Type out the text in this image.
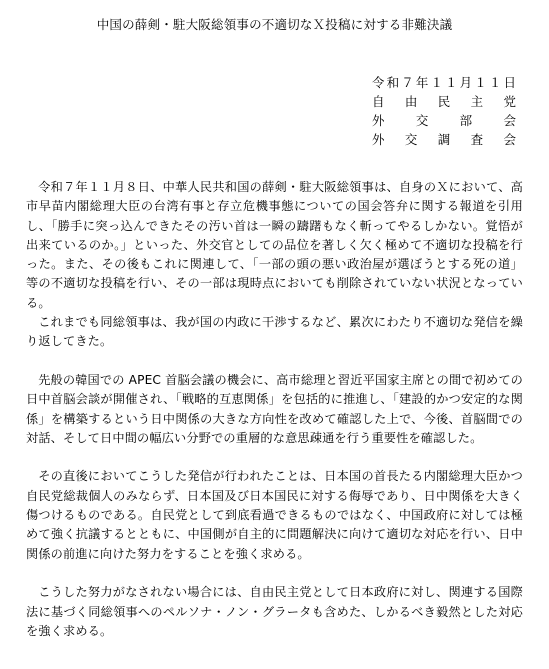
中国の薛剣・駐大阪総領事の不適切なＸ投稿に対する非難決議
令 和 ７ 年 １ １ 月 １ １ 日
自 由 民 主 党
外	交	部	会
外 交 調 査 会

令和７年１１月８日、中華人民共和国の薛剣・駐大阪総領事は、自身のＸにおいて、高市早苗内閣総理大臣の台湾有事と存立危機事態についての国会答弁に関する報道を引用し、「勝手に突っ込んできたその汚い首は一瞬の躊躇もなく斬ってやるしかない。覚悟が出来ているのか。」といった、外交官としての品位を著しく欠く極めて不適切な投稿を行った。また、その後もこれに関連して、「一部の頭の悪い政治屋が選ぼうとする死の道」等の不適切な投稿を行い、その一部は現時点においても削除されていない状況となっている。

これまでも同総領事は、我が国の内政に干渉するなど、累次にわたり不適切な発信を繰り返してきた。

先般の韓国での APEC 首脳会議の機会に、高市総理と習近平国家主席との間で初めての日中首脳会談が開催され、「戦略的互恵関係」を包括的に推進し、「建設的かつ安定的な関係」を構築するという日中関係の大きな方向性を改めて確認した上で、今後、首脳間での対話、そして日中間の幅広い分野での重層的な意思疎通を行う重要性を確認した。

その直後においてこうした発信が行われたことは、日本国の首長たる内閣総理大臣かつ自民党総裁個人のみならず、日本国及び日本国民に対する侮辱であり、日中関係を大きく傷つけるものである。自民党として到底看過できるものではなく、中国政府に対しては極めて強く抗議するとともに、中国側が自主的に問題解決に向けて適切な対応を行い、日中関係の前進に向けた努力をすることを強く求める。

こうした努力がなされない場合には、自由民主党として日本政府に対し、関連する国際法に基づく同総領事へのペルソナ・ノン・グラータも含めた、しかるべき毅然とした対応を強く求める。
